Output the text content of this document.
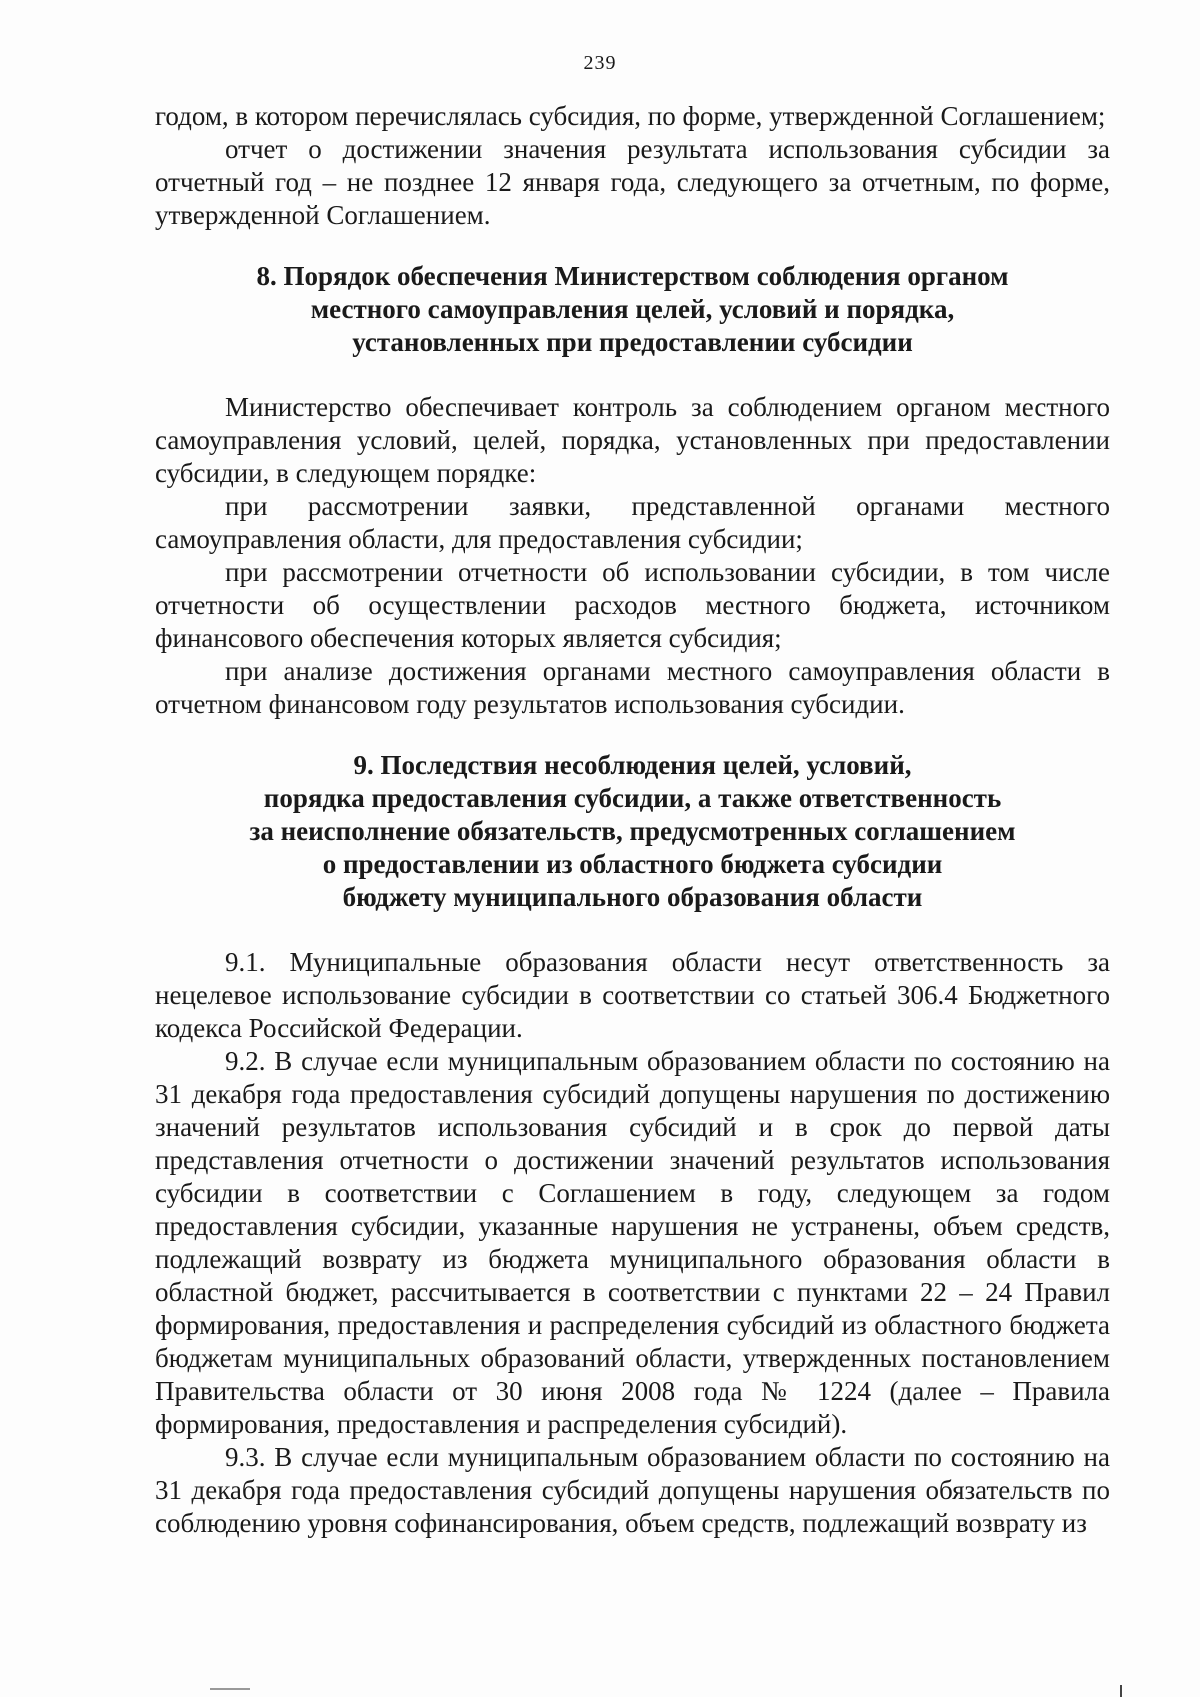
239

годом, в котором перечислялась субсидия, по форме, утвержденной Соглашением;

отчет о достижении значения результата использования субсидии за отчетный год – не позднее 12 января года, следующего за отчетным, по форме, утвержденной Соглашением.

8. Порядок обеспечения Министерством соблюдения органом

местного самоуправления целей, условий и порядка,

установленных при предоставлении субсидии

Министерство обеспечивает контроль за соблюдением органом местного самоуправления условий, целей, порядка, установленных при предоставлении субсидии, в следующем порядке:

при рассмотрении заявки, представленной органами местного самоуправления области, для предоставления субсидии;

при рассмотрении отчетности об использовании субсидии, в том числе отчетности об осуществлении расходов местного бюджета, источником финансового обеспечения которых является субсидия;

при анализе достижения органами местного самоуправления области в отчетном финансовом году результатов использования субсидии.

9. Последствия несоблюдения целей, условий,

порядка предоставления субсидии, а также ответственность

за неисполнение обязательств, предусмотренных соглашением

о предоставлении из областного бюджета субсидии

бюджету муниципального образования области

9.1. Муниципальные образования области несут ответственность за нецелевое использование субсидии в соответствии со статьей 306.4 Бюджетного кодекса Российской Федерации.

9.2. В случае если муниципальным образованием области по состоянию на 31 декабря года предоставления субсидий допущены нарушения по достижению значений результатов использования субсидий и в срок до первой даты представления отчетности о достижении значений результатов использования субсидии в соответствии с Соглашением в году, следующем за годом предоставления субсидии, указанные нарушения не устранены, объем средств, подлежащий возврату из бюджета муниципального образования области в областной бюджет, рассчитывается в соответствии с пунктами 22 – 24 Правил формирования, предоставления и распределения субсидий из областного бюджета бюджетам муниципальных образований области, утвержденных постановлением Правительства области от 30 июня 2008 года № 1224 (далее – Правила формирования, предоставления и распределения субсидий).

9.3. В случае если муниципальным образованием области по состоянию на 31 декабря года предоставления субсидий допущены нарушения обязательств по соблюдению уровня софинансирования, объем средств, подлежащий возврату из
